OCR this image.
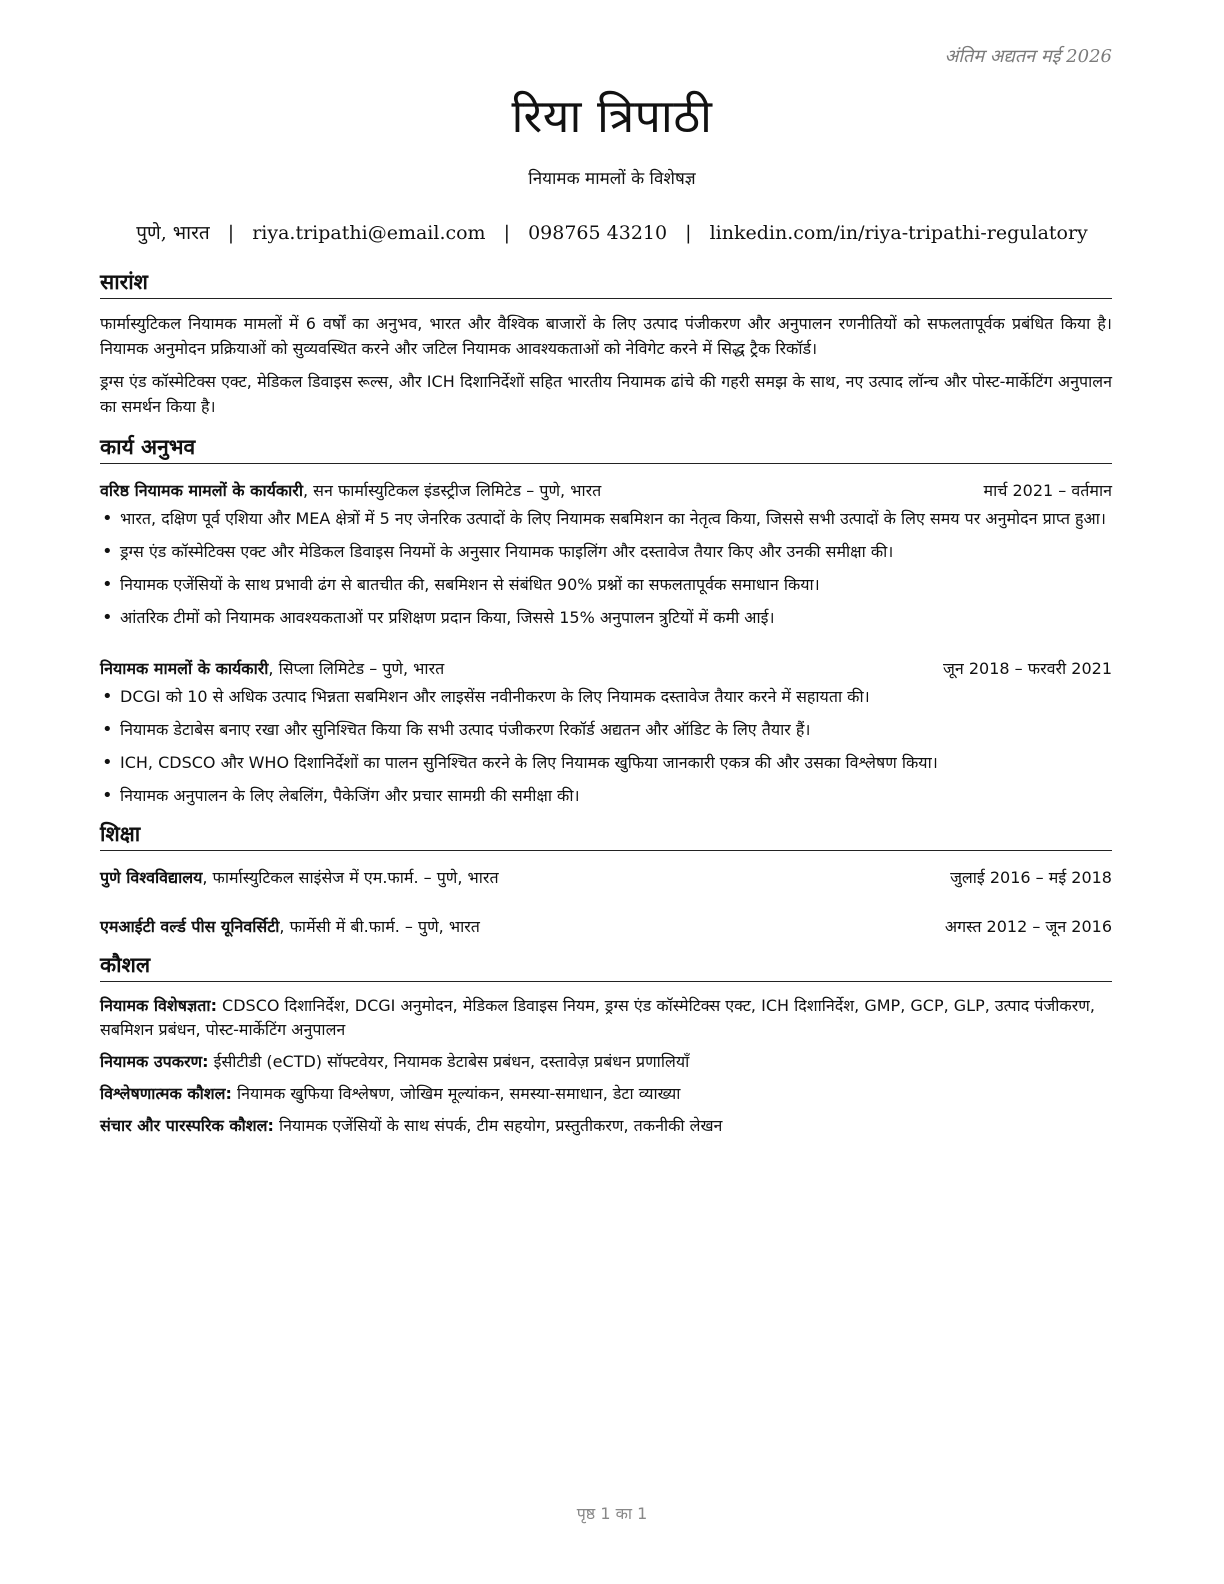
अंतिम अद्यतन मई 2026
रिया त्रिपाठी
नियामक मामलों के विशेषज्ञ
पुणे, भारत | riya.tripathi@email.com | 098765 43210 | linkedin.com/in/riya-tripathi-regulatory
सारांश

फार्मास्युटिकल नियामक मामलों में 6 वर्षों का अनुभव, भारत और वैश्विक बाजारों के लिए उत्पाद पंजीकरण और अनुपालन रणनीतियों को सफलतापूर्वक प्रबंधित किया है। नियामक अनुमोदन प्रक्रियाओं को सुव्यवस्थित करने और जटिल नियामक आवश्यकताओं को नेविगेट करने में सिद्ध ट्रैक रिकॉर्ड।

ड्रग्स एंड कॉस्मेटिक्स एक्ट, मेडिकल डिवाइस रूल्स, और ICH दिशानिर्देशों सहित भारतीय नियामक ढांचे की गहरी समझ के साथ, नए उत्पाद लॉन्च और पोस्ट-मार्केटिंग अनुपालन का समर्थन किया है।

कार्य अनुभव
वरिष्ठ नियामक मामलों के कार्यकारी, सन फार्मास्युटिकल इंडस्ट्रीज लिमिटेड – पुणे, भारत	मार्च 2021 – वर्तमान
• भारत, दक्षिण पूर्व एशिया और MEA क्षेत्रों में 5 नए जेनरिक उत्पादों के लिए नियामक सबमिशन का नेतृत्व किया, जिससे सभी उत्पादों के लिए समय पर अनुमोदन प्राप्त हुआ।
• ड्रग्स एंड कॉस्मेटिक्स एक्ट और मेडिकल डिवाइस नियमों के अनुसार नियामक फाइलिंग और दस्तावेज तैयार किए और उनकी समीक्षा की।
• नियामक एजेंसियों के साथ प्रभावी ढंग से बातचीत की, सबमिशन से संबंधित 90% प्रश्नों का सफलतापूर्वक समाधान किया।
• आंतरिक टीमों को नियामक आवश्यकताओं पर प्रशिक्षण प्रदान किया, जिससे 15% अनुपालन त्रुटियों में कमी आई।
नियामक मामलों के कार्यकारी, सिप्ला लिमिटेड – पुणे, भारत	जून 2018 – फरवरी 2021
• DCGI को 10 से अधिक उत्पाद भिन्नता सबमिशन और लाइसेंस नवीनीकरण के लिए नियामक दस्तावेज तैयार करने में सहायता की।
• नियामक डेटाबेस बनाए रखा और सुनिश्चित किया कि सभी उत्पाद पंजीकरण रिकॉर्ड अद्यतन और ऑडिट के लिए तैयार हैं।
• ICH, CDSCO और WHO दिशानिर्देशों का पालन सुनिश्चित करने के लिए नियामक खुफिया जानकारी एकत्र की और उसका विश्लेषण किया।
• नियामक अनुपालन के लिए लेबलिंग, पैकेजिंग और प्रचार सामग्री की समीक्षा की।
शिक्षा
पुणे विश्वविद्यालय, फार्मास्युटिकल साइंसेज में एम.फार्म. – पुणे, भारत	जुलाई 2016 – मई 2018
एमआईटी वर्ल्ड पीस यूनिवर्सिटी, फार्मेसी में बी.फार्म. – पुणे, भारत	अगस्त 2012 – जून 2016
कौशल

नियामक विशेषज्ञता: CDSCO दिशानिर्देश, DCGI अनुमोदन, मेडिकल डिवाइस नियम, ड्रग्स एंड कॉस्मेटिक्स एक्ट, ICH दिशानिर्देश, GMP, GCP, GLP, उत्पाद पंजीकरण, सबमिशन प्रबंधन, पोस्ट-मार्केटिंग अनुपालन

नियामक उपकरण: ईसीटीडी (eCTD) सॉफ्टवेयर, नियामक डेटाबेस प्रबंधन, दस्तावेज़ प्रबंधन प्रणालियाँ

विश्लेषणात्मक कौशल: नियामक खुफिया विश्लेषण, जोखिम मूल्यांकन, समस्या-समाधान, डेटा व्याख्या

संचार और पारस्परिक कौशल: नियामक एजेंसियों के साथ संपर्क, टीम सहयोग, प्रस्तुतीकरण, तकनीकी लेखन

पृष्ठ 1 का 1
